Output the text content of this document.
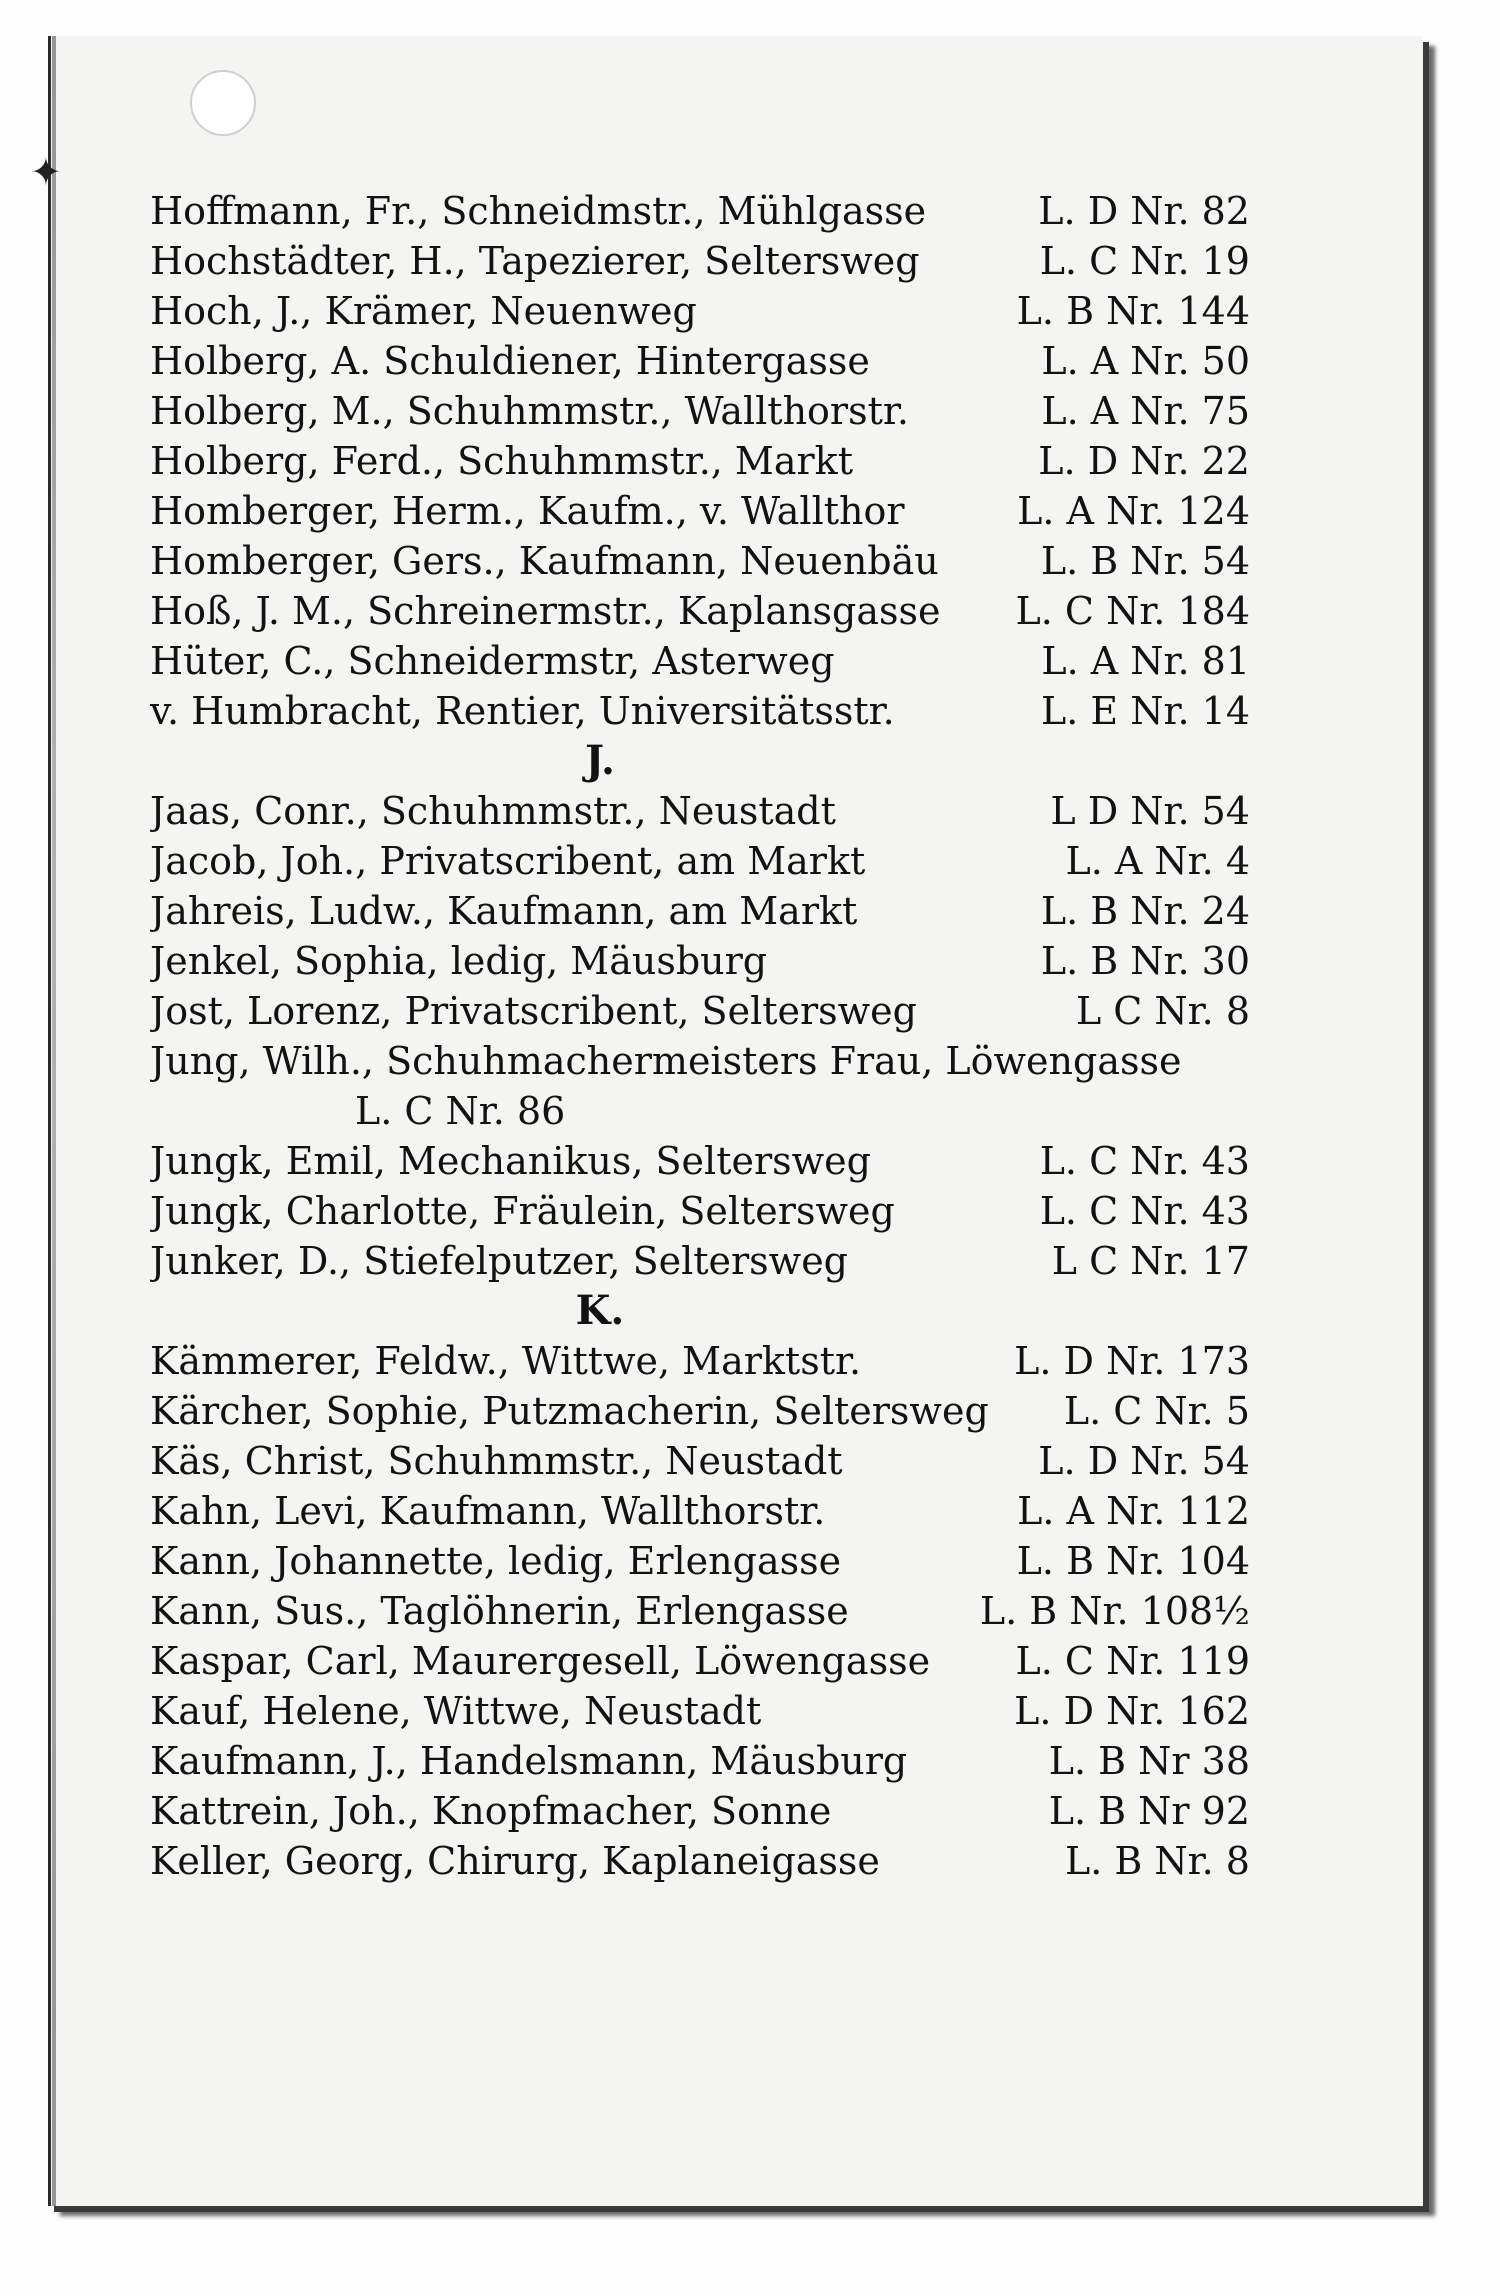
✦
Hoffmann, Fr., Schneidmstr., Mühlgasse	L. D Nr. 82
Hochstädter, H., Tapezierer, Seltersweg	L. C Nr. 19
Hoch, J., Krämer, Neuenweg	L. B Nr. 144
Holberg, A. Schuldiener, Hintergasse	L. A Nr. 50
Holberg, M., Schuhmmstr., Wallthorstr.	L. A Nr. 75
Holberg, Ferd., Schuhmmstr., Markt	L. D Nr. 22
Homberger, Herm., Kaufm., v. Wallthor	L. A Nr. 124
Homberger, Gers., Kaufmann, Neuenbäu	L. B Nr. 54
Hoß, J. M., Schreinermstr., Kaplansgasse	L. C Nr. 184
Hüter, C., Schneidermstr, Asterweg	L. A Nr. 81
v. Humbracht, Rentier, Universitätsstr.	L. E Nr. 14
J.
Jaas, Conr., Schuhmmstr., Neustadt	L D Nr. 54
Jacob, Joh., Privatscribent, am Markt	L. A Nr. 4
Jahreis, Ludw., Kaufmann, am Markt	L. B Nr. 24
Jenkel, Sophia, ledig, Mäusburg	L. B Nr. 30
Jost, Lorenz, Privatscribent, Seltersweg	L C Nr. 8
Jung, Wilh., Schuhmachermeisters Frau, Löwengasse
L. C Nr. 86
Jungk, Emil, Mechanikus, Seltersweg	L. C Nr. 43
Jungk, Charlotte, Fräulein, Seltersweg	L. C Nr. 43
Junker, D., Stiefelputzer, Seltersweg	L C Nr. 17
K.
Kämmerer, Feldw., Wittwe, Marktstr.	L. D Nr. 173
Kärcher, Sophie, Putzmacherin, Seltersweg	L. C Nr. 5
Käs, Christ, Schuhmmstr., Neustadt	L. D Nr. 54
Kahn, Levi, Kaufmann, Wallthorstr.	L. A Nr. 112
Kann, Johannette, ledig, Erlengasse	L. B Nr. 104
Kann, Sus., Taglöhnerin, Erlengasse	L. B Nr. 108½
Kaspar, Carl, Maurergesell, Löwengasse	L. C Nr. 119
Kauf, Helene, Wittwe, Neustadt	L. D Nr. 162
Kaufmann, J., Handelsmann, Mäusburg	L. B Nr 38
Kattrein, Joh., Knopfmacher, Sonne	L. B Nr 92
Keller, Georg, Chirurg, Kaplaneigasse	L. B Nr. 8
